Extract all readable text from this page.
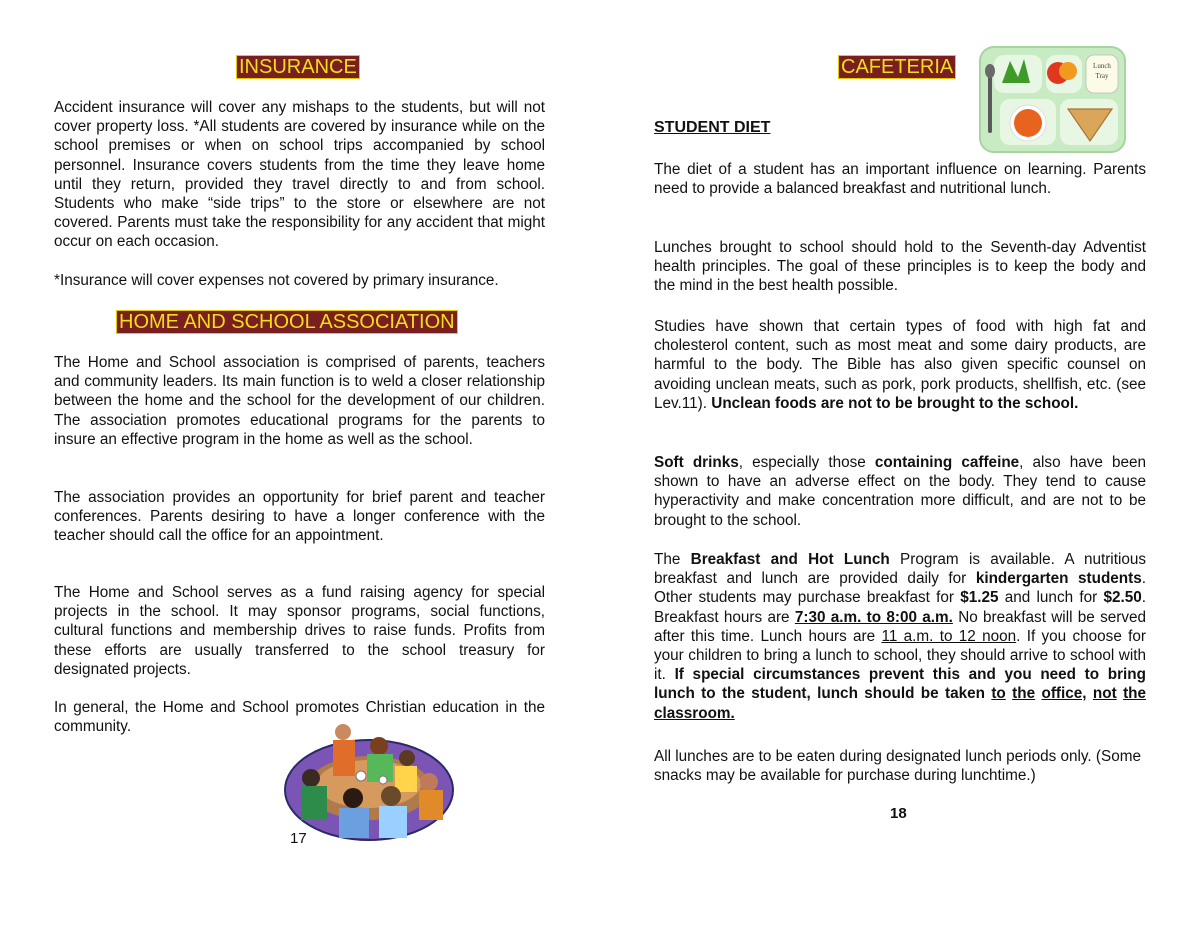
INSURANCE

Accident insurance will cover any mishaps to the students, but will not cover property loss. *All students are covered by insurance while on the school premises or when on school trips accompanied by school personnel. Insurance covers students from the time they leave home until they return, provided they travel directly to and from school. Students who make “side trips” to the store or elsewhere are not covered. Parents must take the responsibility for any accident that might occur on each occasion.

*Insurance will cover expenses not covered by primary insurance.

HOME AND SCHOOL ASSOCIATION

The Home and School association is comprised of parents, teachers and community leaders. Its main function is to weld a closer relationship between the home and the school for the development of our children. The association promotes educational programs for the parents to insure an effective program in the home as well as the school.

The association provides an opportunity for brief parent and teacher conferences. Parents desiring to have a longer conference with the teacher should call the office for an appointment.

The Home and School serves as a fund raising agency for special projects in the school. It may sponsor programs, social functions, cultural functions and membership drives to raise funds. Profits from these efforts are usually transferred to the school treasury for designated projects.

In general, the Home and School promotes Christian education in the community.

17
CAFETERIA
STUDENT DIET

The diet of a student has an important influence on learning. Parents need to provide a balanced breakfast and nutritional lunch.

Lunches brought to school should hold to the Seventh-day Adventist health principles. The goal of these principles is to keep the body and the mind in the best health possible.

Studies have shown that certain types of food with high fat and cholesterol content, such as most meat and some dairy products, are harmful to the body. The Bible has also given specific counsel on avoiding unclean meats, such as pork, pork products, shellfish, etc. (see Lev.11). Unclean foods are not to be brought to the school.

Soft drinks, especially those containing caffeine, also have been shown to have an adverse effect on the body. They tend to cause hyperactivity and make concentration more difficult, and are not to be brought to the school.

The Breakfast and Hot Lunch Program is available. A nutritious breakfast and lunch are provided daily for kindergarten students. Other students may purchase breakfast for $1.25 and lunch for $2.50. Breakfast hours are 7:30 a.m. to 8:00 a.m. No breakfast will be served after this time. Lunch hours are 11 a.m. to 12 noon. If you choose for your children to bring a lunch to school, they should arrive to school with it. If special circumstances prevent this and you need to bring lunch to the student, lunch should be taken to the office, not the classroom.

All lunches are to be eaten during designated lunch periods only. (Some snacks may be available for purchase during lunchtime.)

18
Lunch
Tray
